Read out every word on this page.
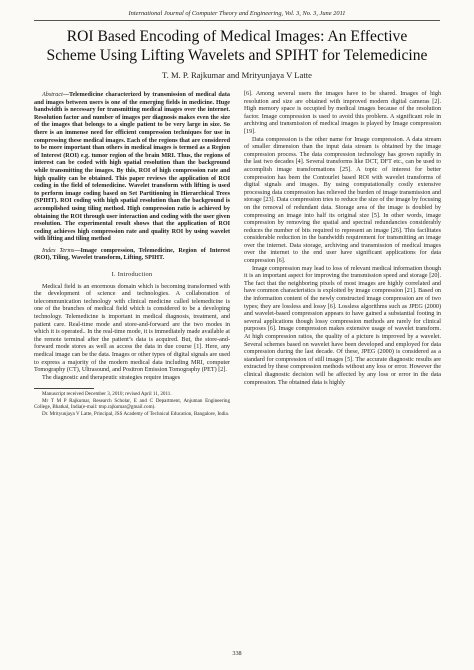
International Journal of Computer Theory and Engineering, Vol. 3, No. 3, June 2011
ROI Based Encoding of Medical Images: An Effective
Scheme Using Lifting Wavelets and SPIHT for Telemedicine
T. M. P. Rajkumar and Mrityunjaya V Latte

Abstract—Telemedicine characterized by transmission of medical data and images between users is one of the emerging fields in medicine. Huge bandwidth is necessary for transmitting medical images over the internet. Resolution factor and number of images per diagnosis makes even the size of the images that belongs to a single patient to be very large in size. So there is an immense need for efficient compression techniques for use in compressing these medical images. Each of the regions that are considered to be more important than others in medical images is termed as a Region of Interest (ROI) e.g. tumor region of the brain MRI. Thus, the regions of interest can be coded with high spatial resolution than the background while transmitting the images. By this, ROI of high compression rate and high quality can be obtained. This paper reviews the application of ROI coding in the field of telemedicine. Wavelet transform with lifting is used to perform image coding based on Set Partitioning in Hierarchical Trees (SPIHT). ROI coding with high spatial resolution than the background is accomplished using tiling method. High compression ratio is achieved by obtaining the ROI through user interaction and coding with the user given resolution. The experimental result shows that the application of ROI coding achieves high compression rate and quality ROI by using wavelet with lifting and tiling method

Index Terms—Image compression, Telemedicine, Region of Interest (ROI), Tiling, Wavelet transform, Lifting, SPIHT.

I. Introduction

Medical field is an enormous domain which is becoming transformed with the development of science and technologies. A collaboration of telecommunication technology with clinical medicine called telemedicine is one of the branches of medical field which is considered to be a developing technology. Telemedicine is important in medical diagnosis, treatment, and patient care. Real-time mode and store-and-forward are the two modes in which it is operated.. In the real-time mode, it is immediately made available at the remote terminal after the patient’s data is acquired. But, the store-and-forward mode stores as well as access the data in due course [1]. Here, any medical image can be the data. Images or other types of digital signals are used to express a majority of the modern medical data including MRI, computer Tomography (CT), Ultrasound, and Positron Emission Tomography (PET) [2].

The diagnostic and therapeutic strategies require images

Manuscript received December 3, 2010; revised April 11, 2011.

Mr T M P Rajkumar, Research Scholar, E and C Department, Anjuman Engineering College, Bhatkal, India(e-mail: tmp.rajkumar@gmail.com).

Dr. Mrityunjaya V Latte, Principal, JSS Academy of Technical Education, Bangalore, India.

[6]. Among several users the images have to be shared. Images of high resolution and size are obtained with improved modern digital cameras [2]. High memory space is occupied by medical images because of the resolution factor. Image compression is used to avoid this problem. A significant role in archiving and transmission of medical images is played by Image compression [19].

Data compression is the other name for Image compression. A data stream of smaller dimension than the input data stream is obtained by the image compression process. The data compression technology has grown rapidly in the last two decades [4]. Several transforms like DCT, DFT etc., can be used to accomplish image transformations [25]. A topic of interest for better compression has been the Contourlet based ROI with wavelet transforms of digital signals and images. By using computationally costly extensive processing data compression has relieved the burden of image transmission and storage [23]. Data compression tries to reduce the size of the image by focusing on the removal of redundant data. Storage area of the image is doubled by compressing an image into half its original size [5]. In other words, image compression by removing the spatial and spectral redundancies considerably reduces the number of bits required to represent an image [26]. This facilitates considerable reduction in the bandwidth requirement for transmitting an image over the internet. Data storage, archiving and transmission of medical images over the internet to the end user have significant applications for data compression [6].

Image compression may lead to loss of relevant medical information though it is an important aspect for improving the transmission speed and storage [20]. The fact that the neighboring pixels of most images are highly correlated and have common characteristics is exploited by image compression [21]. Based on the information content of the newly constructed image compression are of two types; they are lossless and lossy [6]. Lossless algorithms such as JPEG (2000) and wavelet-based compression appears to have gained a substantial footing in several applications though lossy compression methods are rarely for clinical purposes [6]. Image compression makes extensive usage of wavelet transform. At high compression ratios, the quality of a picture is improved by a wavelet. Several schemes based on wavelet have been developed and employed for data compression during the last decade. Of these, JPEG (2000) is considered as a standard for compression of still images [5]. The accurate diagnostic results are extracted by these compression methods without any loss or error. However the clinical diagnostic decision will be affected by any loss or error in the data compression. The obtained data is highly

338
